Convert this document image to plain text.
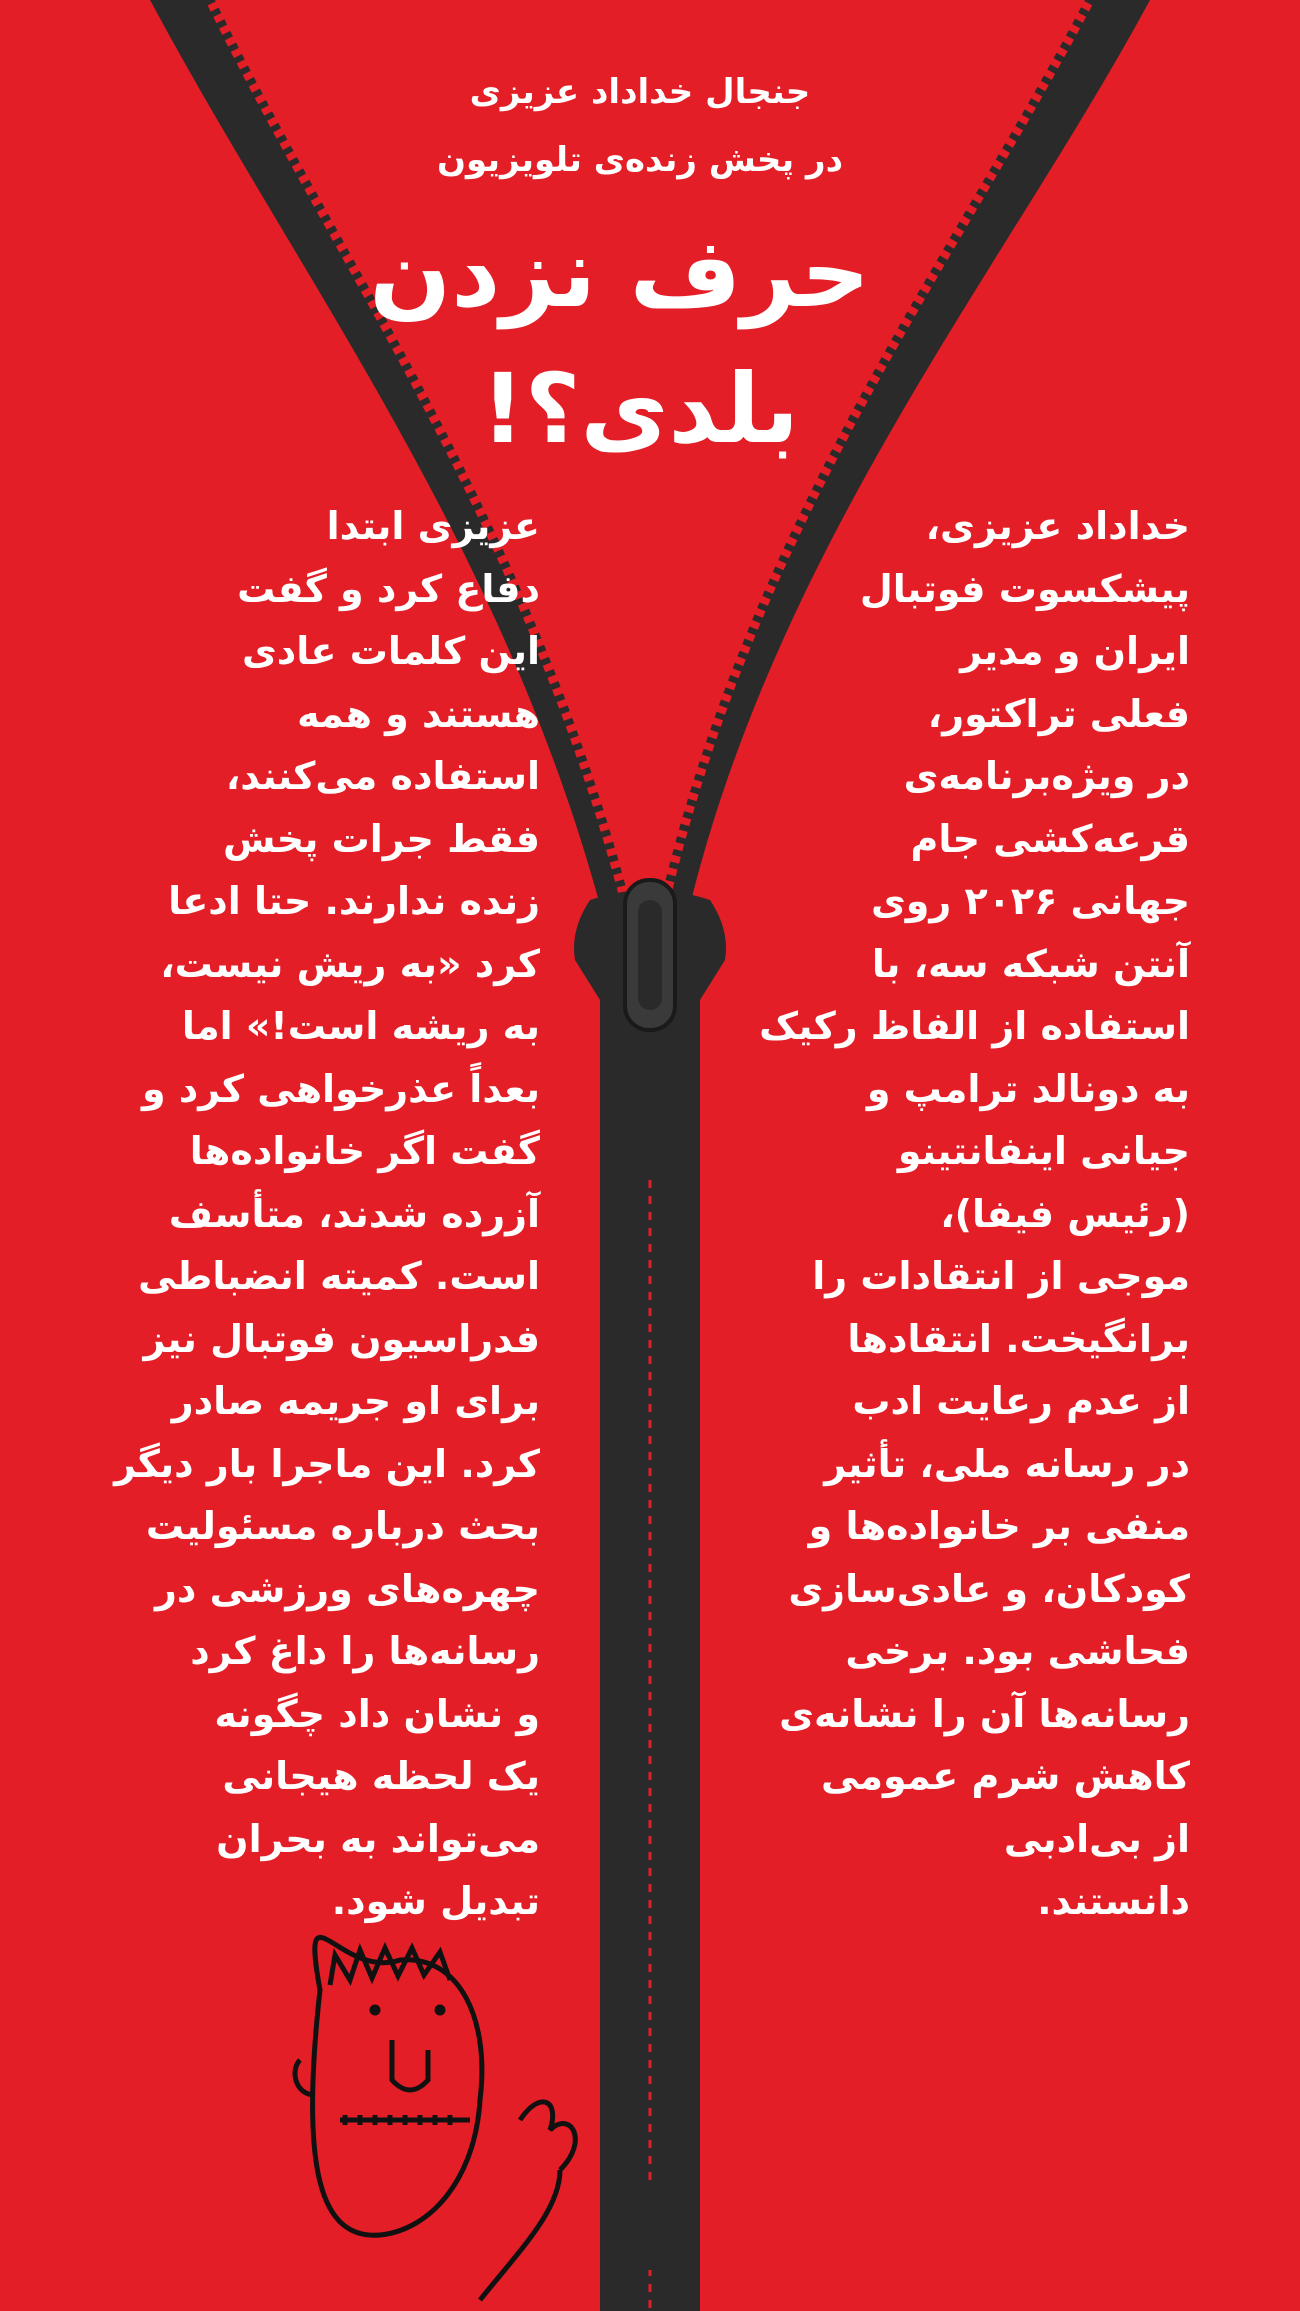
جنجال خداداد عزیزی
در پخش زنده‌ی تلویزیون
حرف نزدن
بلدی؟!
خداداد عزیزی،
پیشکسوت فوتبال
ایران و مدیر
فعلی تراکتور،
در ویژه‌برنامه‌ی
قرعه‌کشی جام
جهانی ۲۰۲۶ روی
آنتن شبکه سه، با
استفاده از الفاظ رکیک
به دونالد ترامپ و
جیانی اینفانتینو
(رئیس فیفا)،
موجی از انتقادات را
برانگیخت. انتقادها
از عدم رعایت ادب
در رسانه ملی، تأثیر
منفی بر خانواده‌ها و
کودکان، و عادی‌سازی
فحاشی بود. برخی
رسانه‌ها آن را نشانه‌ی
کاهش شرم عمومی
از بی‌ادبی
دانستند.
عزیزی ابتدا
دفاع کرد و گفت
این کلمات عادی
هستند و همه
استفاده می‌کنند،
فقط جرات پخش
زنده ندارند. حتا ادعا
کرد «به ریش نیست،
به ریشه است!» اما
بعداً عذرخواهی کرد و
گفت اگر خانواده‌ها
آزرده شدند، متأسف
است. کمیته انضباطی
فدراسیون فوتبال نیز
برای او جریمه صادر
کرد. این ماجرا بار دیگر
بحث درباره مسئولیت
چهره‌های ورزشی در
رسانه‌ها را داغ کرد
و نشان داد چگونه
یک لحظه هیجانی
می‌تواند به بحران
تبدیل شود.
